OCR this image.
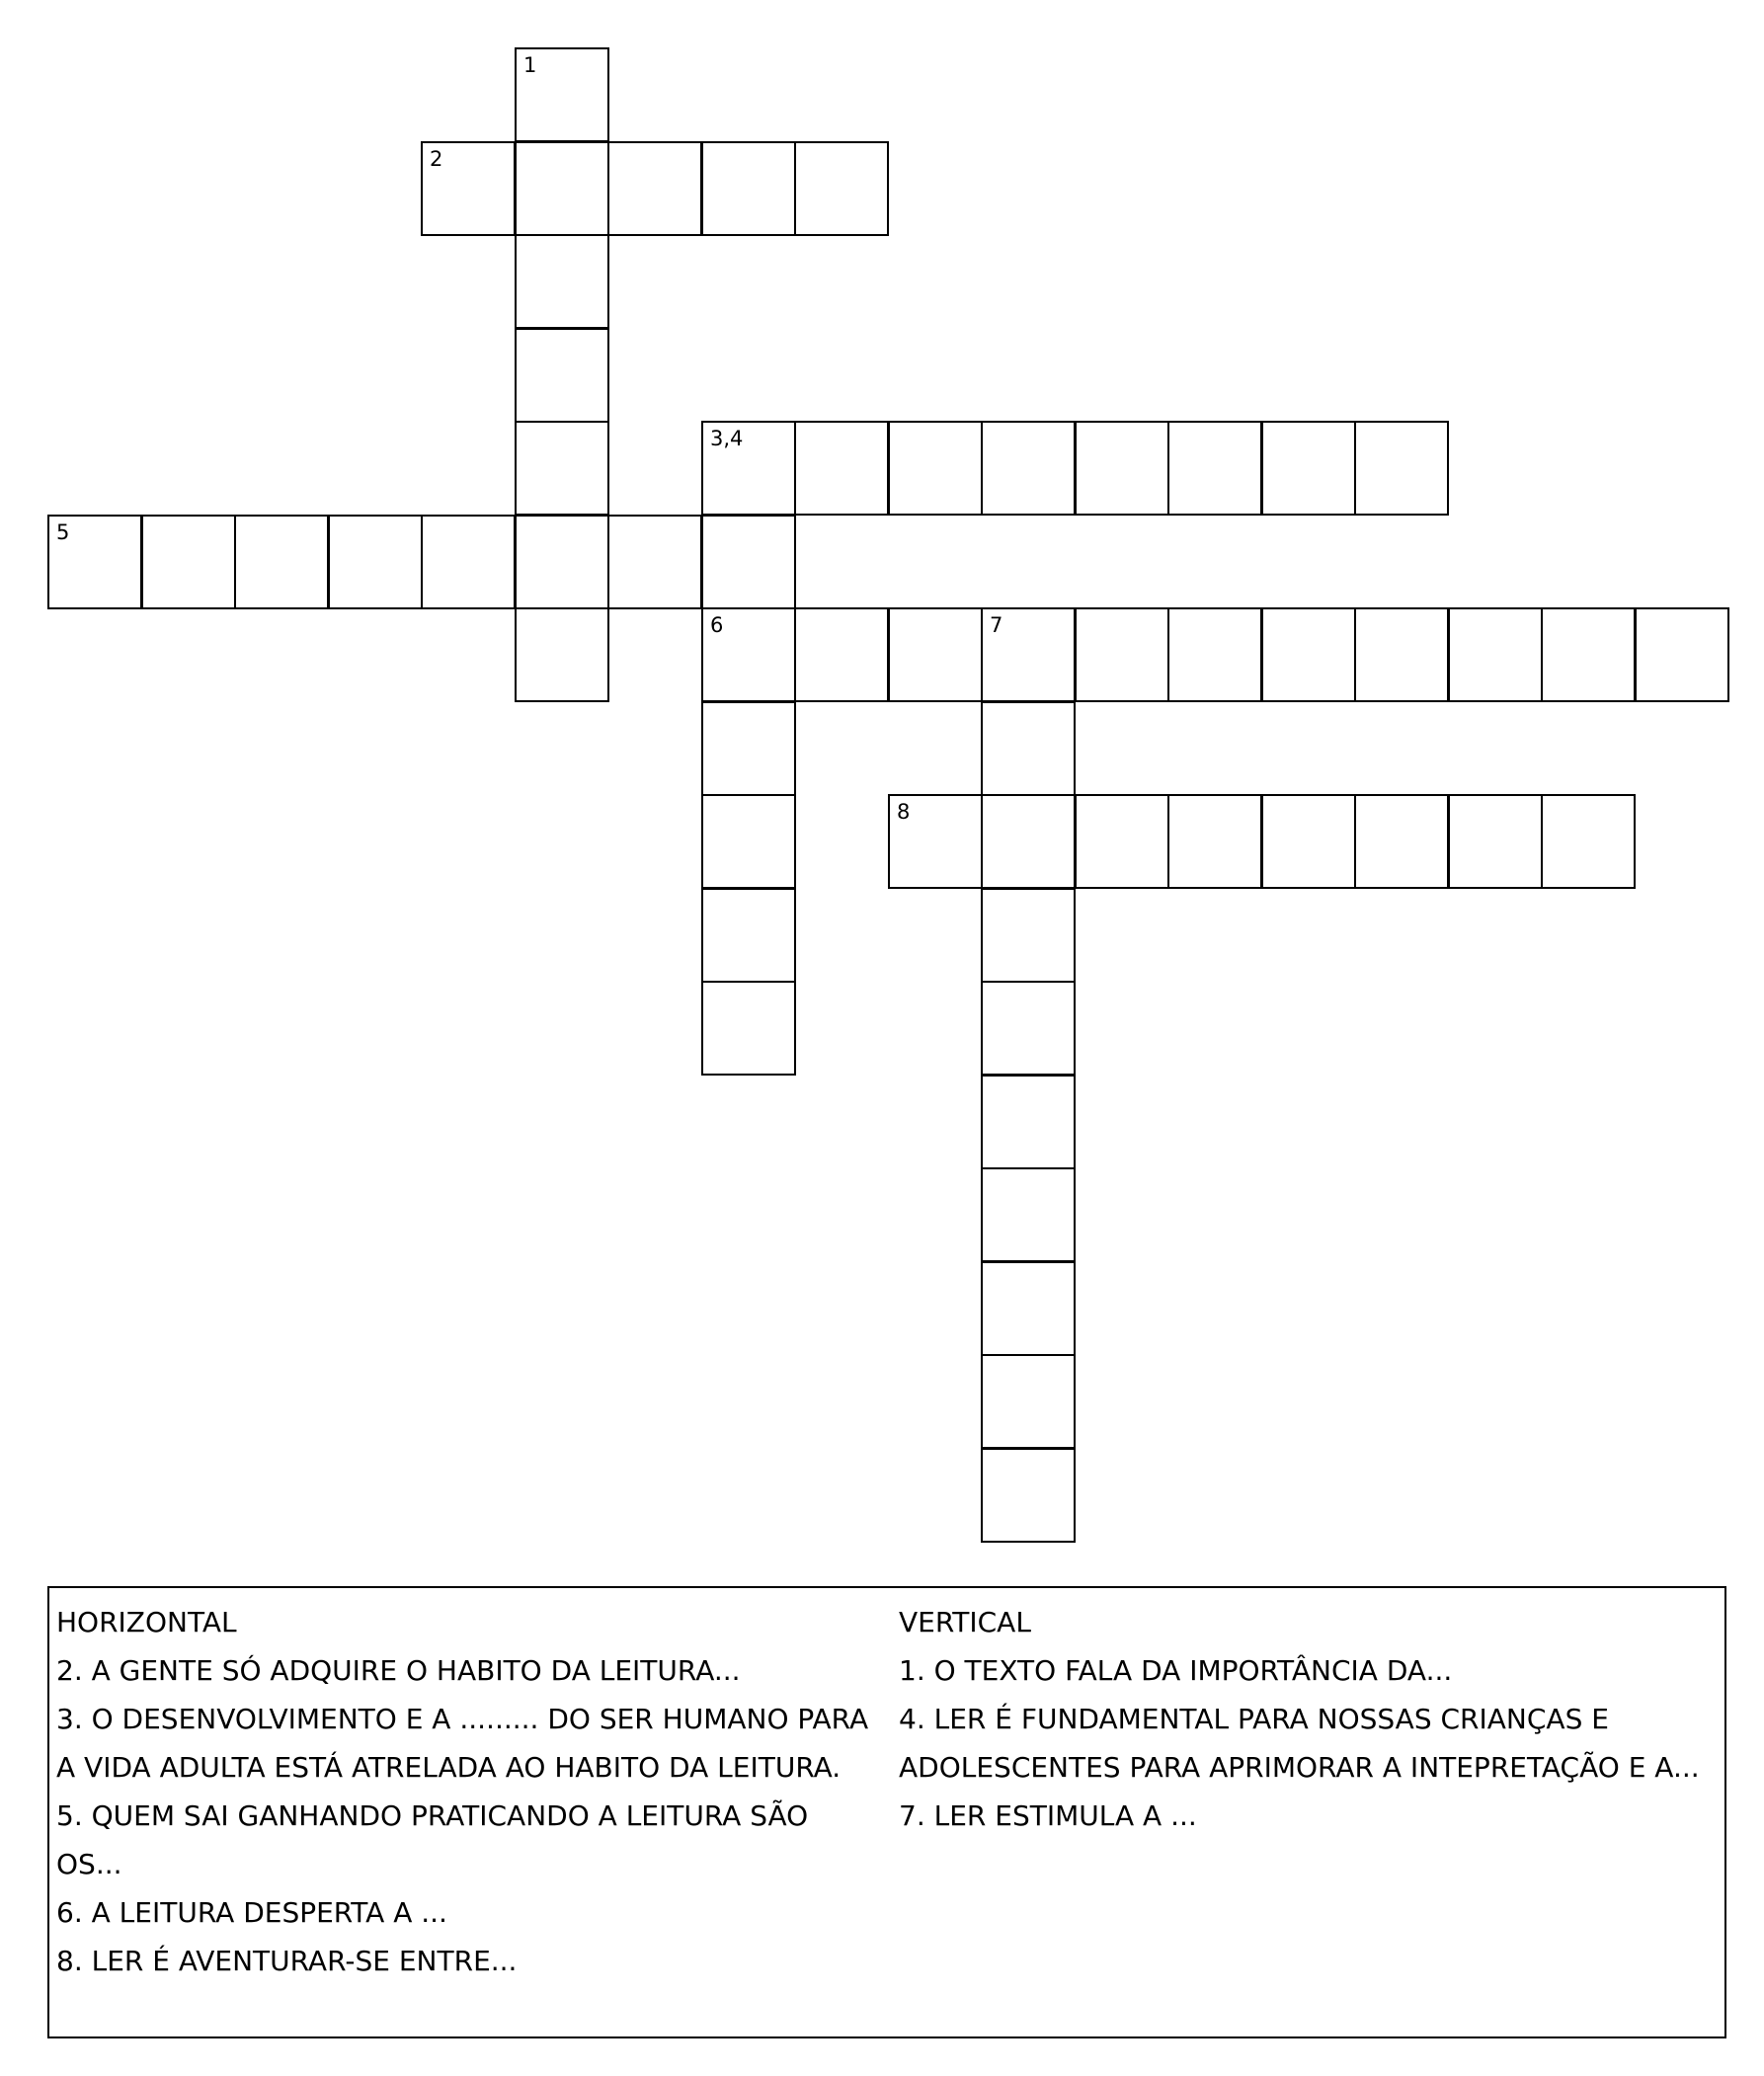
1
2
3,4
5
6	7
8
HORIZONTAL
2. A GENTE SÓ ADQUIRE O HABITO DA LEITURA...
3. O DESENVOLVIMENTO E A ......... DO SER HUMANO PARA
A VIDA ADULTA ESTÁ ATRELADA AO HABITO DA LEITURA.
5. QUEM SAI GANHANDO PRATICANDO A LEITURA SÃO
OS...
6. A LEITURA DESPERTA A ...
8. LER É AVENTURAR-SE ENTRE...
VERTICAL
1. O TEXTO FALA DA IMPORTÂNCIA DA...
4. LER É FUNDAMENTAL PARA NOSSAS CRIANÇAS E
ADOLESCENTES PARA APRIMORAR A INTEPRETAÇÃO E A...
7. LER ESTIMULA A ...
